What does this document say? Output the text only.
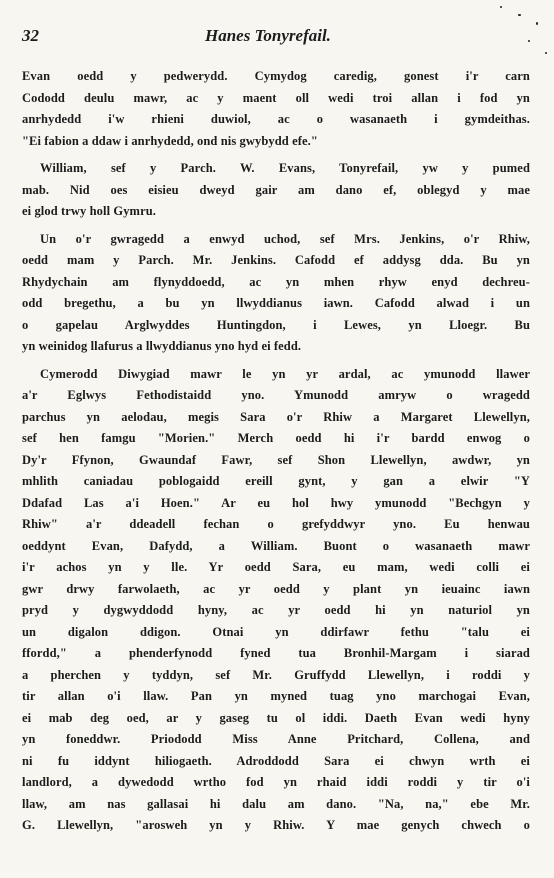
32	Hanes Tonyrefail.
Evan oedd y pedwerydd. Cymydog caredig, gonest i'r carn
Cododd deulu mawr, ac y maent oll wedi troi allan i fod yn
anrhydedd i'w rhieni duwiol, ac o wasanaeth i gymdeithas.
"Ei fabion a ddaw i anrhydedd, ond nis gwybydd efe."
William, sef y Parch. W. Evans, Tonyrefail, yw y pumed
mab. Nid oes eisieu dweyd gair am dano ef, oblegyd y mae
ei glod trwy holl Gymru.
Un o'r gwragedd a enwyd uchod, sef Mrs. Jenkins, o'r Rhiw,
oedd mam y Parch. Mr. Jenkins. Cafodd ef addysg dda. Bu yn
Rhydychain am flynyddoedd, ac yn mhen rhyw enyd dechreu-
odd bregethu, a bu yn llwyddianus iawn. Cafodd alwad i un
o gapelau Arglwyddes Huntingdon, i Lewes, yn Lloegr. Bu
yn weinidog llafurus a llwyddianus yno hyd ei fedd.
Cymerodd Diwygiad mawr le yn yr ardal, ac ymunodd llawer
a'r Eglwys Fethodistaidd yno. Ymunodd amryw o wragedd
parchus yn aelodau, megis Sara o'r Rhiw a Margaret Llewellyn,
sef hen famgu "Morien." Merch oedd hi i'r bardd enwog o
Dy'r Ffynon, Gwaundaf Fawr, sef Shon Llewellyn, awdwr, yn
mhlith caniadau poblogaidd ereill gynt, y gan a elwir "Y
Ddafad Las a'i Hoen." Ar eu hol hwy ymunodd "Bechgyn y
Rhiw" a'r ddeadell fechan o grefyddwyr yno. Eu henwau
oeddynt Evan, Dafydd, a William. Buont o wasanaeth mawr
i'r achos yn y lle. Yr oedd Sara, eu mam, wedi colli ei
gwr drwy farwolaeth, ac yr oedd y plant yn ieuainc iawn
pryd y dygwyddodd hyny, ac yr oedd hi yn naturiol yn
un digalon ddigon. Otnai yn ddirfawr fethu "talu ei
ffordd," a phenderfynodd fyned tua Bronhil-Margam i siarad
a pherchen y tyddyn, sef Mr. Gruffydd Llewellyn, i roddi y
tir allan o'i llaw. Pan yn myned tuag yno marchogai Evan,
ei mab deg oed, ar y gaseg tu ol iddi. Daeth Evan wedi hyny
yn foneddwr. Priododd Miss Anne Pritchard, Collena, and
ni fu iddynt hiliogaeth. Adroddodd Sara ei chwyn wrth ei
landlord, a dywedodd wrtho fod yn rhaid iddi roddi y tir o'i
llaw, am nas gallasai hi dalu am dano. "Na, na," ebe Mr.
G. Llewellyn, "arosweh yn y Rhiw. Y mae genych chwech o
